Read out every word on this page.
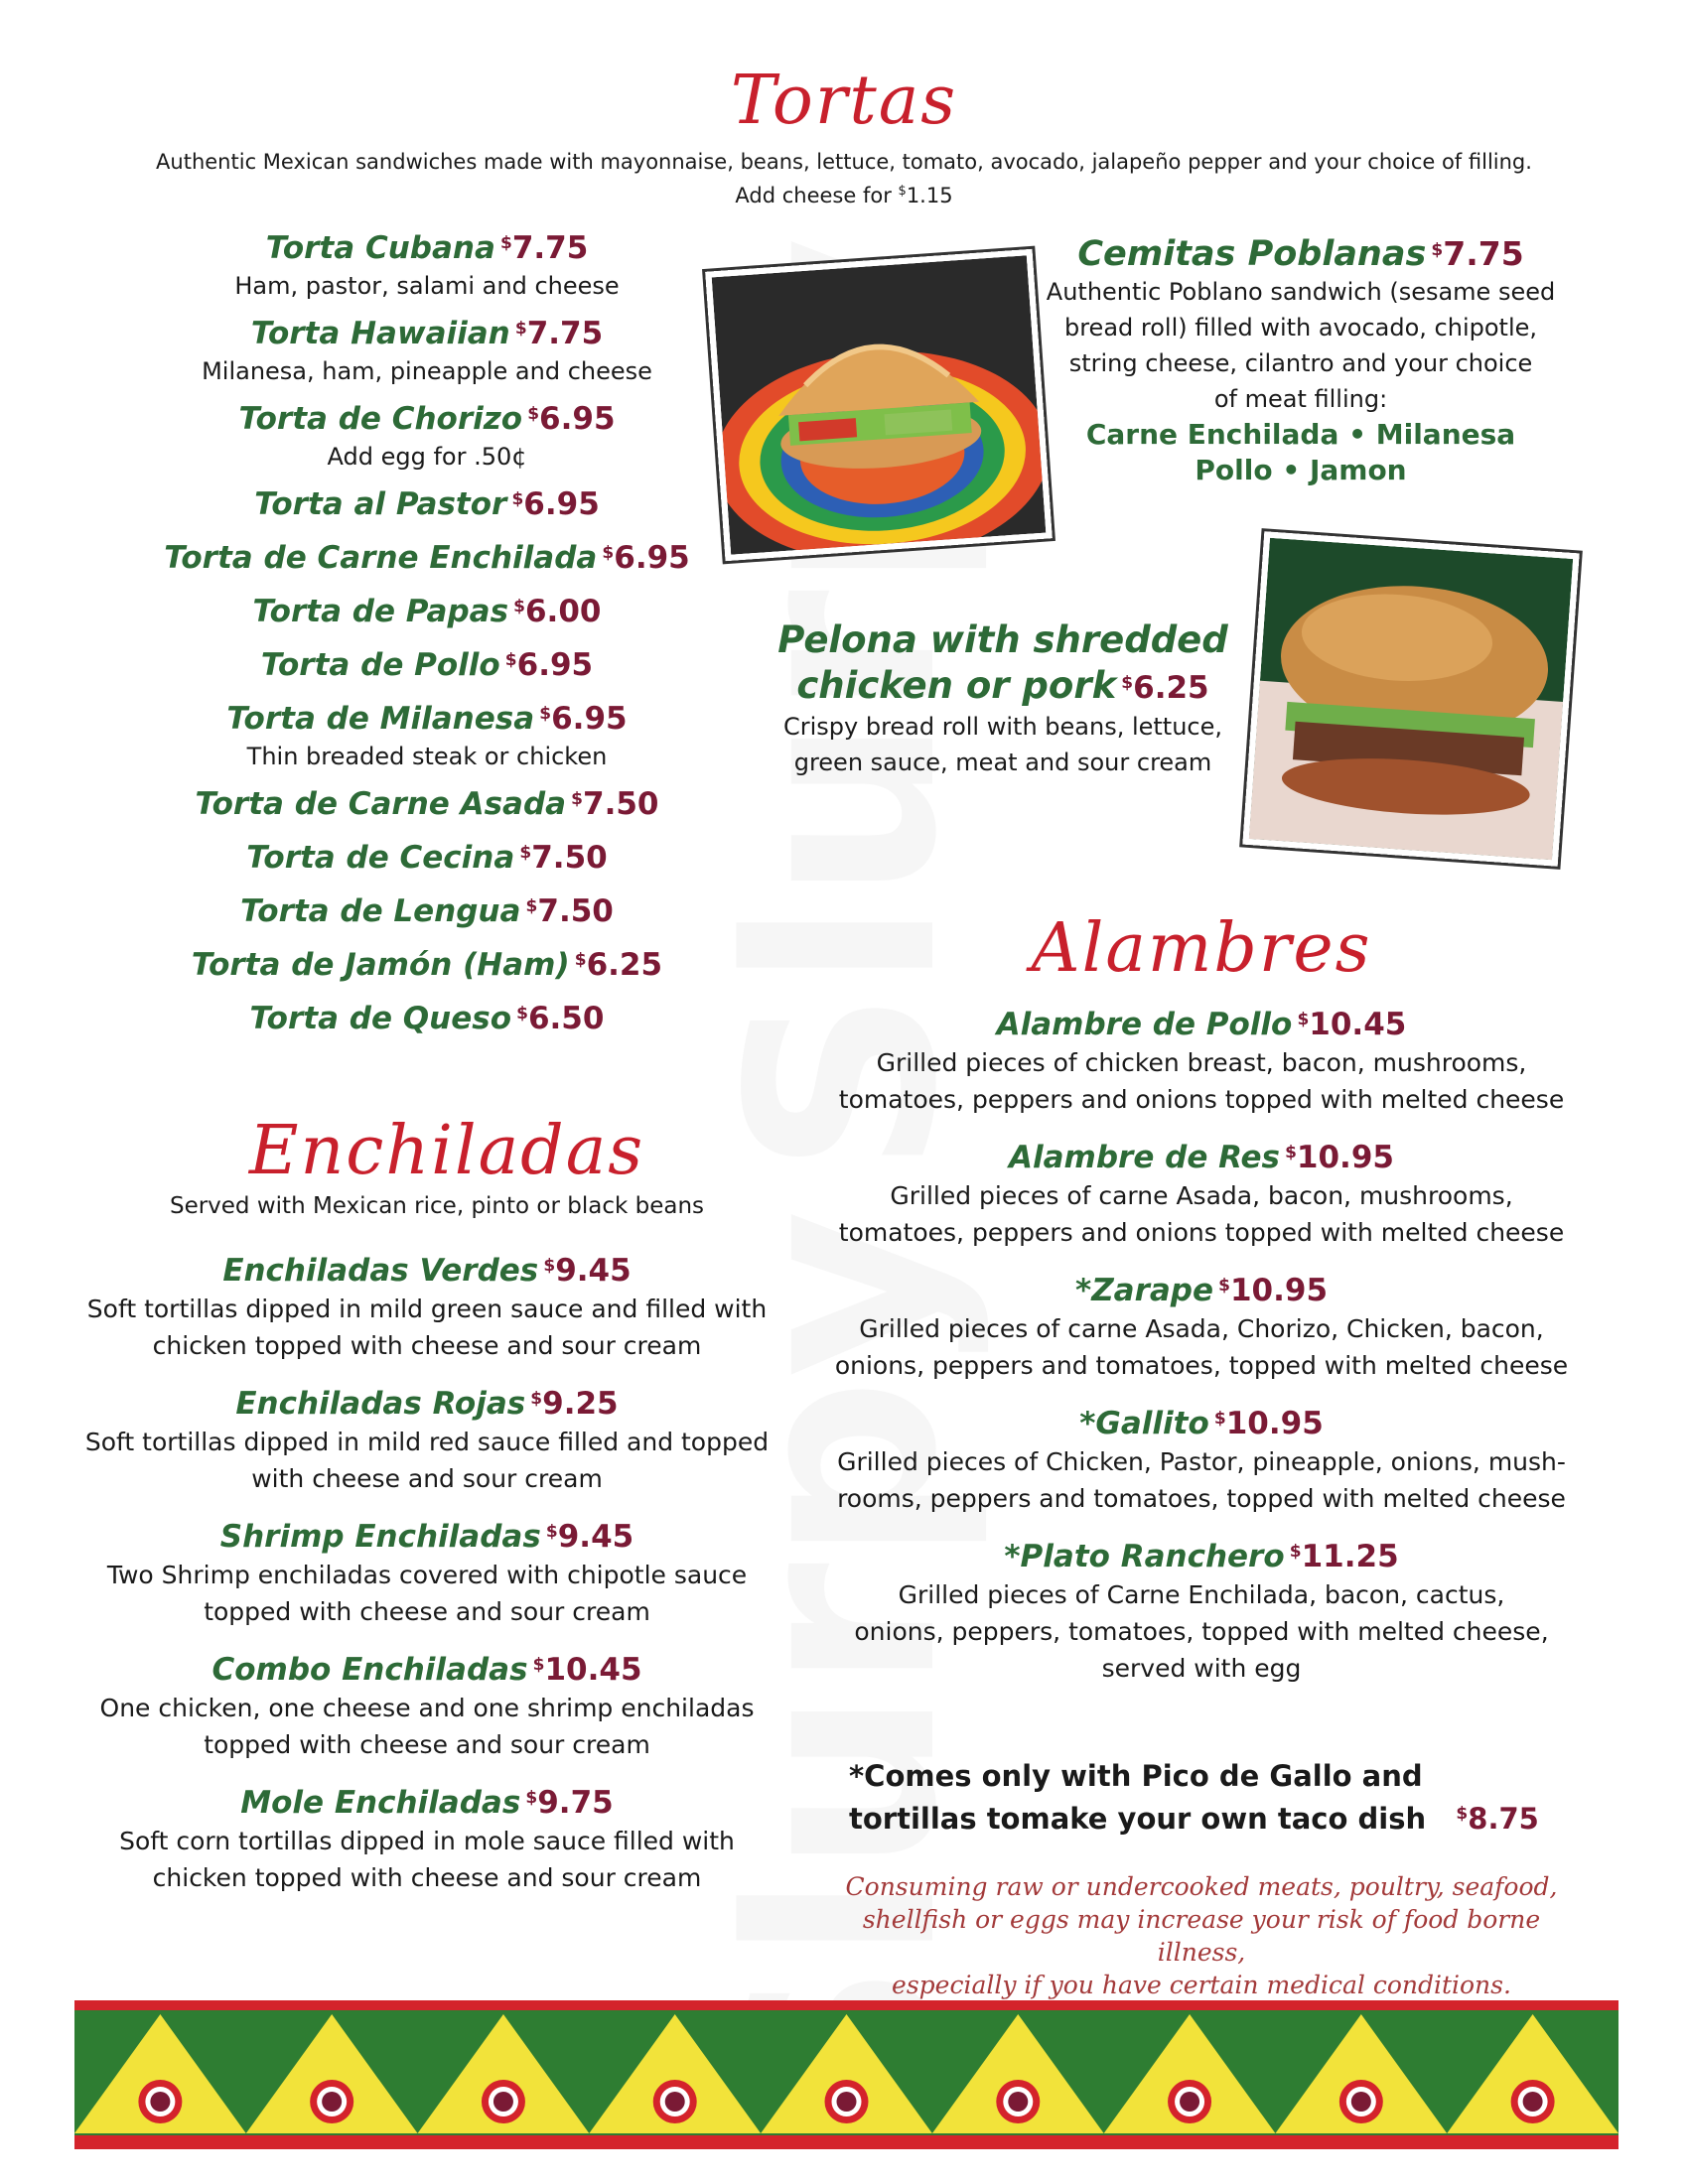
Tortas
Authentic Mexican sandwiches made with mayonnaise, beans, lettuce, tomato, avocado, jalapeño pepper and your choice of filling.
Add cheese for $1.15
Torta Cubana $7.75
Ham, pastor, salami and cheese
Torta Hawaiian $7.75
Milanesa, ham, pineapple and cheese
Torta de Chorizo $6.95
Add egg for .50¢
Torta al Pastor $6.95
Torta de Carne Enchilada $6.95
Torta de Papas $6.00
Torta de Pollo $6.95
Torta de Milanesa $6.95
Thin breaded steak or chicken
Torta de Carne Asada $7.50
Torta de Cecina $7.50
Torta de Lengua $7.50
Torta de Jamón (Ham) $6.25
Torta de Queso $6.50
Cemitas Poblanas $7.75
Authentic Poblano sandwich (sesame seed
bread roll) filled with avocado, chipotle,
string cheese, cilantro and your choice
of meat filling:
Carne Enchilada • Milanesa
Pollo • Jamon
Pelona with shredded
chicken or pork $6.25
Crispy bread roll with beans, lettuce,
green sauce, meat and sour cream
Alambres
Alambre de Pollo $10.45
Grilled pieces of chicken breast, bacon, mushrooms,
tomatoes, peppers and onions topped with melted cheese
Alambre de Res $10.95
Grilled pieces of carne Asada, bacon, mushrooms,
tomatoes, peppers and onions topped with melted cheese
*Zarape $10.95
Grilled pieces of carne Asada, Chorizo, Chicken, bacon,
onions, peppers and tomatoes, topped with melted cheese
*Gallito $10.95
Grilled pieces of Chicken, Pastor, pineapple, onions, mush-
rooms, peppers and tomatoes, topped with melted cheese
*Plato Ranchero $11.25
Grilled pieces of Carne Enchilada, bacon, cactus,
onions, peppers, tomatoes, topped with melted cheese,
served with egg
*Comes only with Pico de Gallo and
tortillas tomake your own taco dish $8.75
Consuming raw or undercooked meats, poultry, seafood,
shellfish or eggs may increase your risk of food borne illness,
especially if you have certain medical conditions.
Enchiladas
Served with Mexican rice, pinto or black beans
Enchiladas Verdes $9.45
Soft tortillas dipped in mild green sauce and filled with
chicken topped with cheese and sour cream
Enchiladas Rojas $9.25
Soft tortillas dipped in mild red sauce filled and topped
with cheese and sour cream
Shrimp Enchiladas $9.45
Two Shrimp enchiladas covered with chipotle sauce
topped with cheese and sour cream
Combo Enchiladas $10.45
One chicken, one cheese and one shrimp enchiladas
topped with cheese and sour cream
Mole Enchiladas $9.75
Soft corn tortillas dipped in mole sauce filled with
chicken topped with cheese and sour cream
